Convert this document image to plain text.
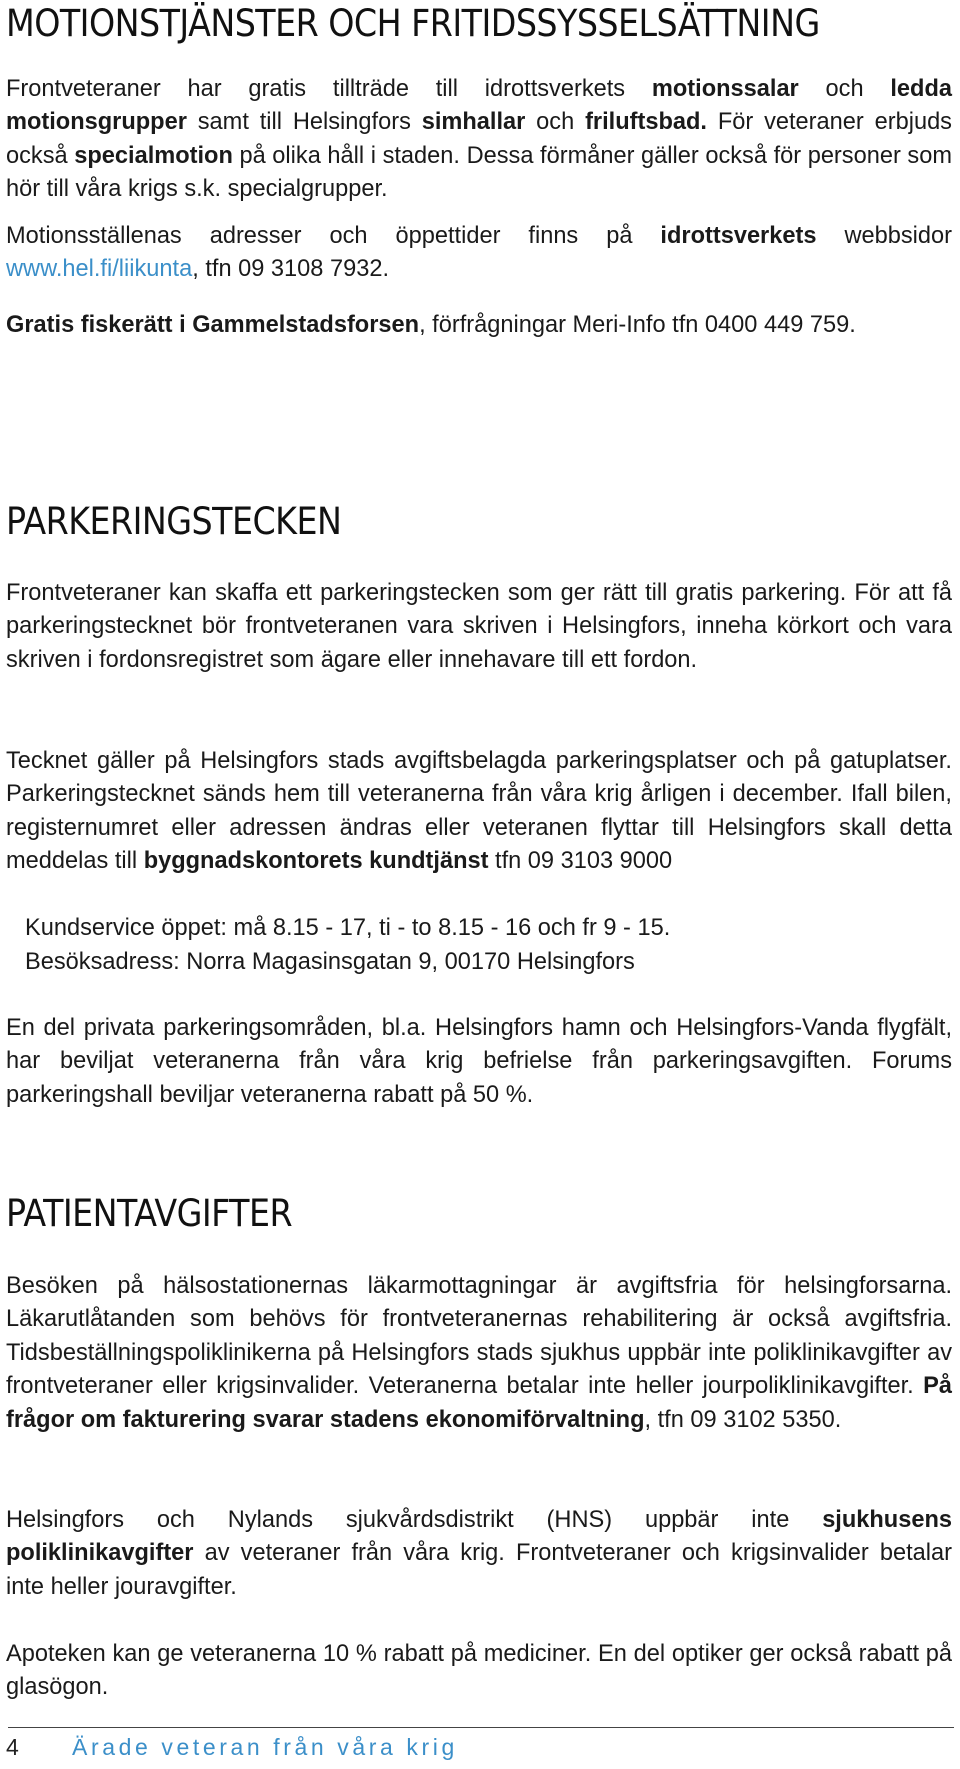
MOTIONSTJÄNSTER OCH FRITIDSSYSSELSÄTTNING

Frontveteraner har gratis tillträde till idrottsverkets motionssalar och ledda motionsgrupper samt till Helsingfors simhallar och friluftsbad. För veteraner erbjuds också specialmotion på olika håll i staden. Dessa förmåner gäller också för personer som hör till våra krigs s.k. specialgrupper.

Motionsställenas adresser och öppettider finns på idrottsverkets webbsidor www.hel.fi/liikunta, tfn 09 3108 7932.

Gratis fiskerätt i Gammelstadsforsen, förfrågningar Meri-Info tfn 0400 449 759.

PARKERINGSTECKEN

Frontveteraner kan skaffa ett parkeringstecken som ger rätt till gratis parkering. För att få parkeringstecknet bör frontveteranen vara skriven i Helsingfors, inneha körkort och vara skriven i fordonsregistret som ägare eller innehavare till ett fordon.

Tecknet gäller på Helsingfors stads avgiftsbelagda parkeringsplatser och på gatuplatser. Parkeringstecknet sänds hem till veteranerna från våra krig årligen i december. Ifall bilen, registernumret eller adressen ändras eller veteranen flyttar till Helsingfors skall detta meddelas till byggnadskontorets kundtjänst tfn 09 3103 9000

Kundservice öppet: må 8.15 - 17, ti - to 8.15 - 16 och fr 9 - 15.

Besöksadress: Norra Magasinsgatan 9, 00170 Helsingfors

En del privata parkeringsområden, bl.a. Helsingfors hamn och Helsingfors-Vanda flygfält, har beviljat veteranerna från våra krig befrielse från parkeringsavgiften. Forums parkeringshall beviljar veteranerna rabatt på 50 %.

PATIENTAVGIFTER

Besöken på hälsostationernas läkarmottagningar är avgiftsfria för helsingforsarna. Läkarutlåtanden som behövs för frontveteranernas rehabilitering är också avgiftsfria. Tidsbeställningspoliklinikerna på Helsingfors stads sjukhus uppbär inte poliklinikavgifter av frontveteraner eller krigsinvalider. Veteranerna betalar inte heller jourpoliklinikavgifter. På frågor om fakturering svarar stadens ekonomiförvaltning, tfn 09 3102 5350.

Helsingfors och Nylands sjukvårdsdistrikt (HNS) uppbär inte sjukhusens poliklinikavgifter av veteraner från våra krig. Frontveteraner och krigsinvalider betalar inte heller jouravgifter.

Apoteken kan ge veteranerna 10 % rabatt på mediciner. En del optiker ger också rabatt på glasögon.

4	Ärade veteran från våra krig
